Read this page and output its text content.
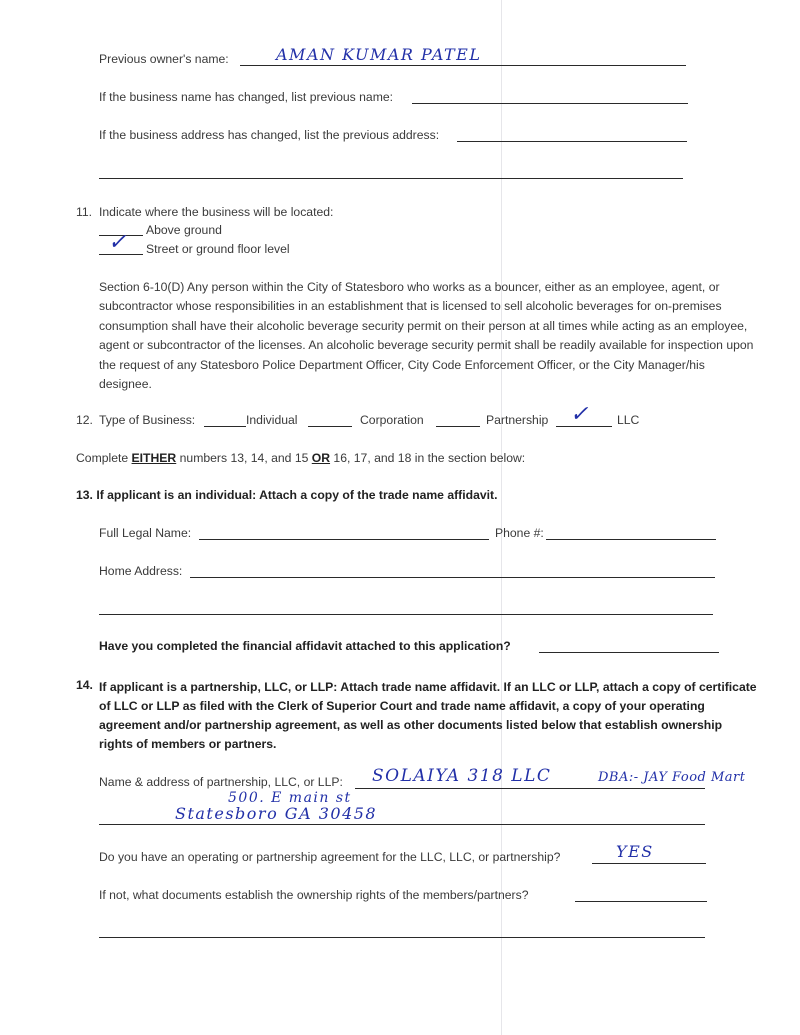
Previous owner's name:	AMAN KUMAR PATEL
If the business name has changed, list previous name:
If the business address has changed, list the previous address:
11. Indicate where the business will be located:
Above ground
✓ Street or ground floor level
Section 6-10(D) Any person within the City of Statesboro who works as a bouncer, either as an employee, agent, or subcontractor whose responsibilities in an establishment that is licensed to sell alcoholic beverages for on-premises consumption shall have their alcoholic beverage security permit on their person at all times while acting as an employee, agent or subcontractor of the licenses. An alcoholic beverage security permit shall be readily available for inspection upon the request of any Statesboro Police Department Officer, City Code Enforcement Officer, or the City Manager/his designee.
12. Type of Business:	Individual	Corporation	Partnership ✓ LLC
Complete EITHER numbers 13, 14, and 15 OR 16, 17, and 18 in the section below:
13. If applicant is an individual: Attach a copy of the trade name affidavit.
Full Legal Name:	Phone #:
Home Address:
Have you completed the financial affidavit attached to this application?
14. If applicant is a partnership, LLC, or LLP: Attach trade name affidavit. If an LLC or LLP, attach a copy of certificate of LLC or LLP as filed with the Clerk of Superior Court and trade name affidavit, a copy of your operating agreement and/or partnership agreement, as well as other documents listed below that establish ownership rights of members or partners.
Name & address of partnership, LLC, or LLP: SOLAIYA 318 LLC	DBA:- JAY Food Mart
500. E main st
Statesboro GA 30458
Do you have an operating or partnership agreement for the LLC, LLC, or partnership?	YES
If not, what documents establish the ownership rights of the members/partners?
